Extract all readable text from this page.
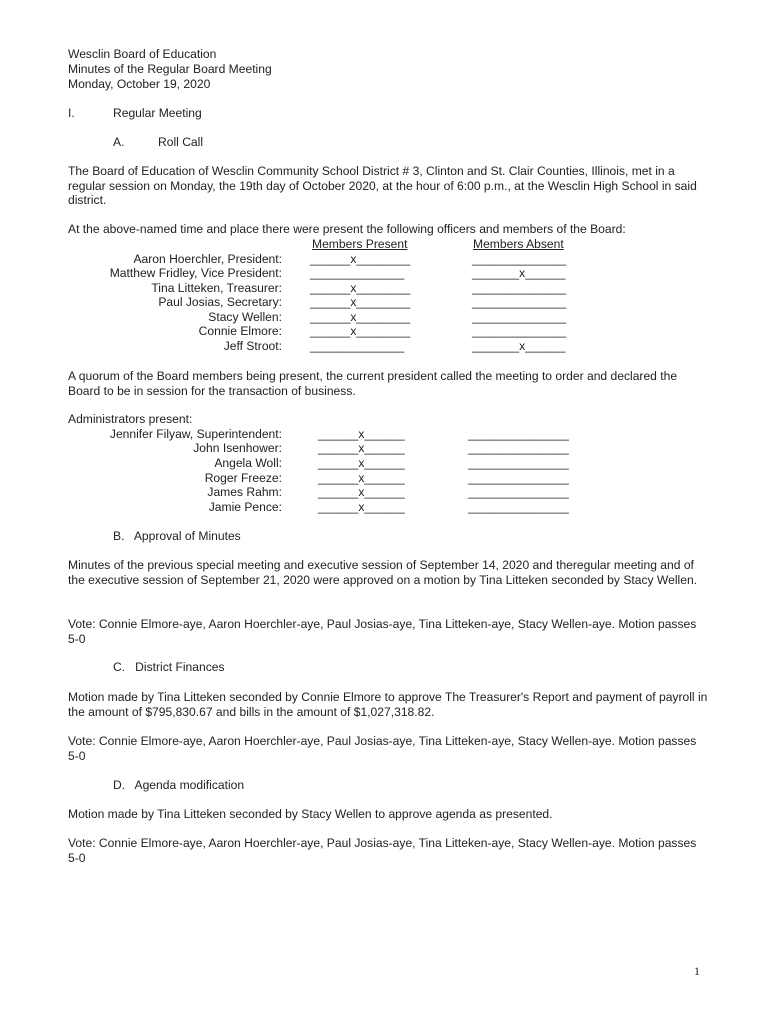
Wesclin Board of Education
Minutes of the Regular Board Meeting
Monday, October 19, 2020
I.	Regular Meeting
A.	Roll Call
The Board of Education of Wesclin Community School District # 3, Clinton and St. Clair Counties, Illinois, met in a regular session on Monday, the 19th day of October 2020, at the hour of 6:00 p.m., at the Wesclin High School in said district.
At the above-named time and place there were present the following officers and members of the Board:
Members Present	Members Absent
Aaron Hoerchler, President: ______x________	______________
Matthew Fridley, Vice President: ______________	_______x______
Tina Litteken, Treasurer: ______x________	______________
Paul Josias, Secretary: ______x________	______________
Stacy Wellen: ______x________	______________
Connie Elmore: ______x________	______________
Jeff Stroot: ______________	_______x______
A quorum of the Board members being present, the current president called the meeting to order and declared the Board to be in session for the transaction of business.
Administrators present:
Jennifer Filyaw, Superintendent:	______x______	_______________
John Isenhower:	______x______	_______________
Angela Woll:	______x______	_______________
Roger Freeze:	______x______	_______________
James Rahm:	______x______	_______________
Jamie Pence:	______x______	_______________
B.   Approval of Minutes
Minutes of the previous special meeting and executive session of September 14, 2020 and theregular meeting and of the executive session of September 21, 2020 were approved on a motion by Tina Litteken seconded by Stacy Wellen.
Vote: Connie Elmore-aye, Aaron Hoerchler-aye, Paul Josias-aye, Tina Litteken-aye, Stacy Wellen-aye. Motion passes 5-0
C.   District Finances
Motion made by Tina Litteken seconded by Connie Elmore to approve The Treasurer's Report and payment of payroll in the amount of $795,830.67 and bills in the amount of $1,027,318.82.
Vote: Connie Elmore-aye, Aaron Hoerchler-aye, Paul Josias-aye, Tina Litteken-aye, Stacy Wellen-aye. Motion passes 5-0
D.   Agenda modification
Motion made by Tina Litteken seconded by Stacy Wellen to approve agenda as presented.
Vote: Connie Elmore-aye, Aaron Hoerchler-aye, Paul Josias-aye, Tina Litteken-aye, Stacy Wellen-aye. Motion passes 5-0
1
